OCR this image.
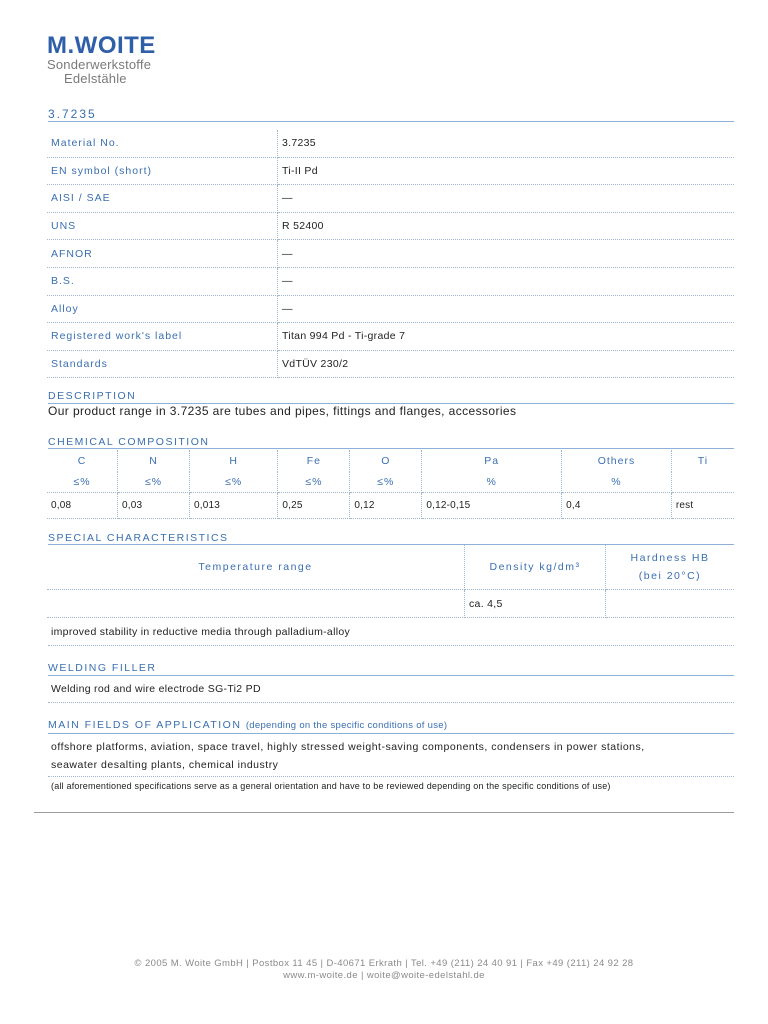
M.WOITE
Sonderwerkstoffe
Edelstähle
3.7235
Material No.	3.7235
EN symbol (short)	Ti-II Pd
AISI / SAE	—
UNS	R 52400
AFNOR	—
B.S.	—
Alloy	—
Registered work's label	Titan 994 Pd - Ti-grade 7
Standards	VdTÜV 230/2
DESCRIPTION
Our product range in 3.7235 are tubes and pipes, fittings and flanges, accessories
CHEMICAL COMPOSITION
C	N	H	Fe	O	Pa	Others	Ti
≤%	≤%	≤%	≤%	≤%	%	%	
0,08	0,03	0,013	0,25	0,12	0,12-0,15	0,4	rest
SPECIAL CHARACTERISTICS
Temperature range	Density kg/dm³	Hardness HB
(bei 20°C)

	ca. 4,5	
improved stability in reductive media through palladium-alloy
WELDING FILLER
Welding rod and wire electrode SG-Ti2 PD
MAIN FIELDS OF APPLICATION (depending on the specific conditions of use)
offshore platforms, aviation, space travel, highly stressed weight-saving components, condensers in power stations,
seawater desalting plants, chemical industry
(all aforementioned specifications serve as a general orientation and have to be reviewed depending on the specific conditions of use)
© 2005 M. Woite GmbH | Postbox 11 45 | D-40671 Erkrath | Tel. +49 (211) 24 40 91 | Fax +49 (211) 24 92 28
www.m-woite.de | woite@woite-edelstahl.de
